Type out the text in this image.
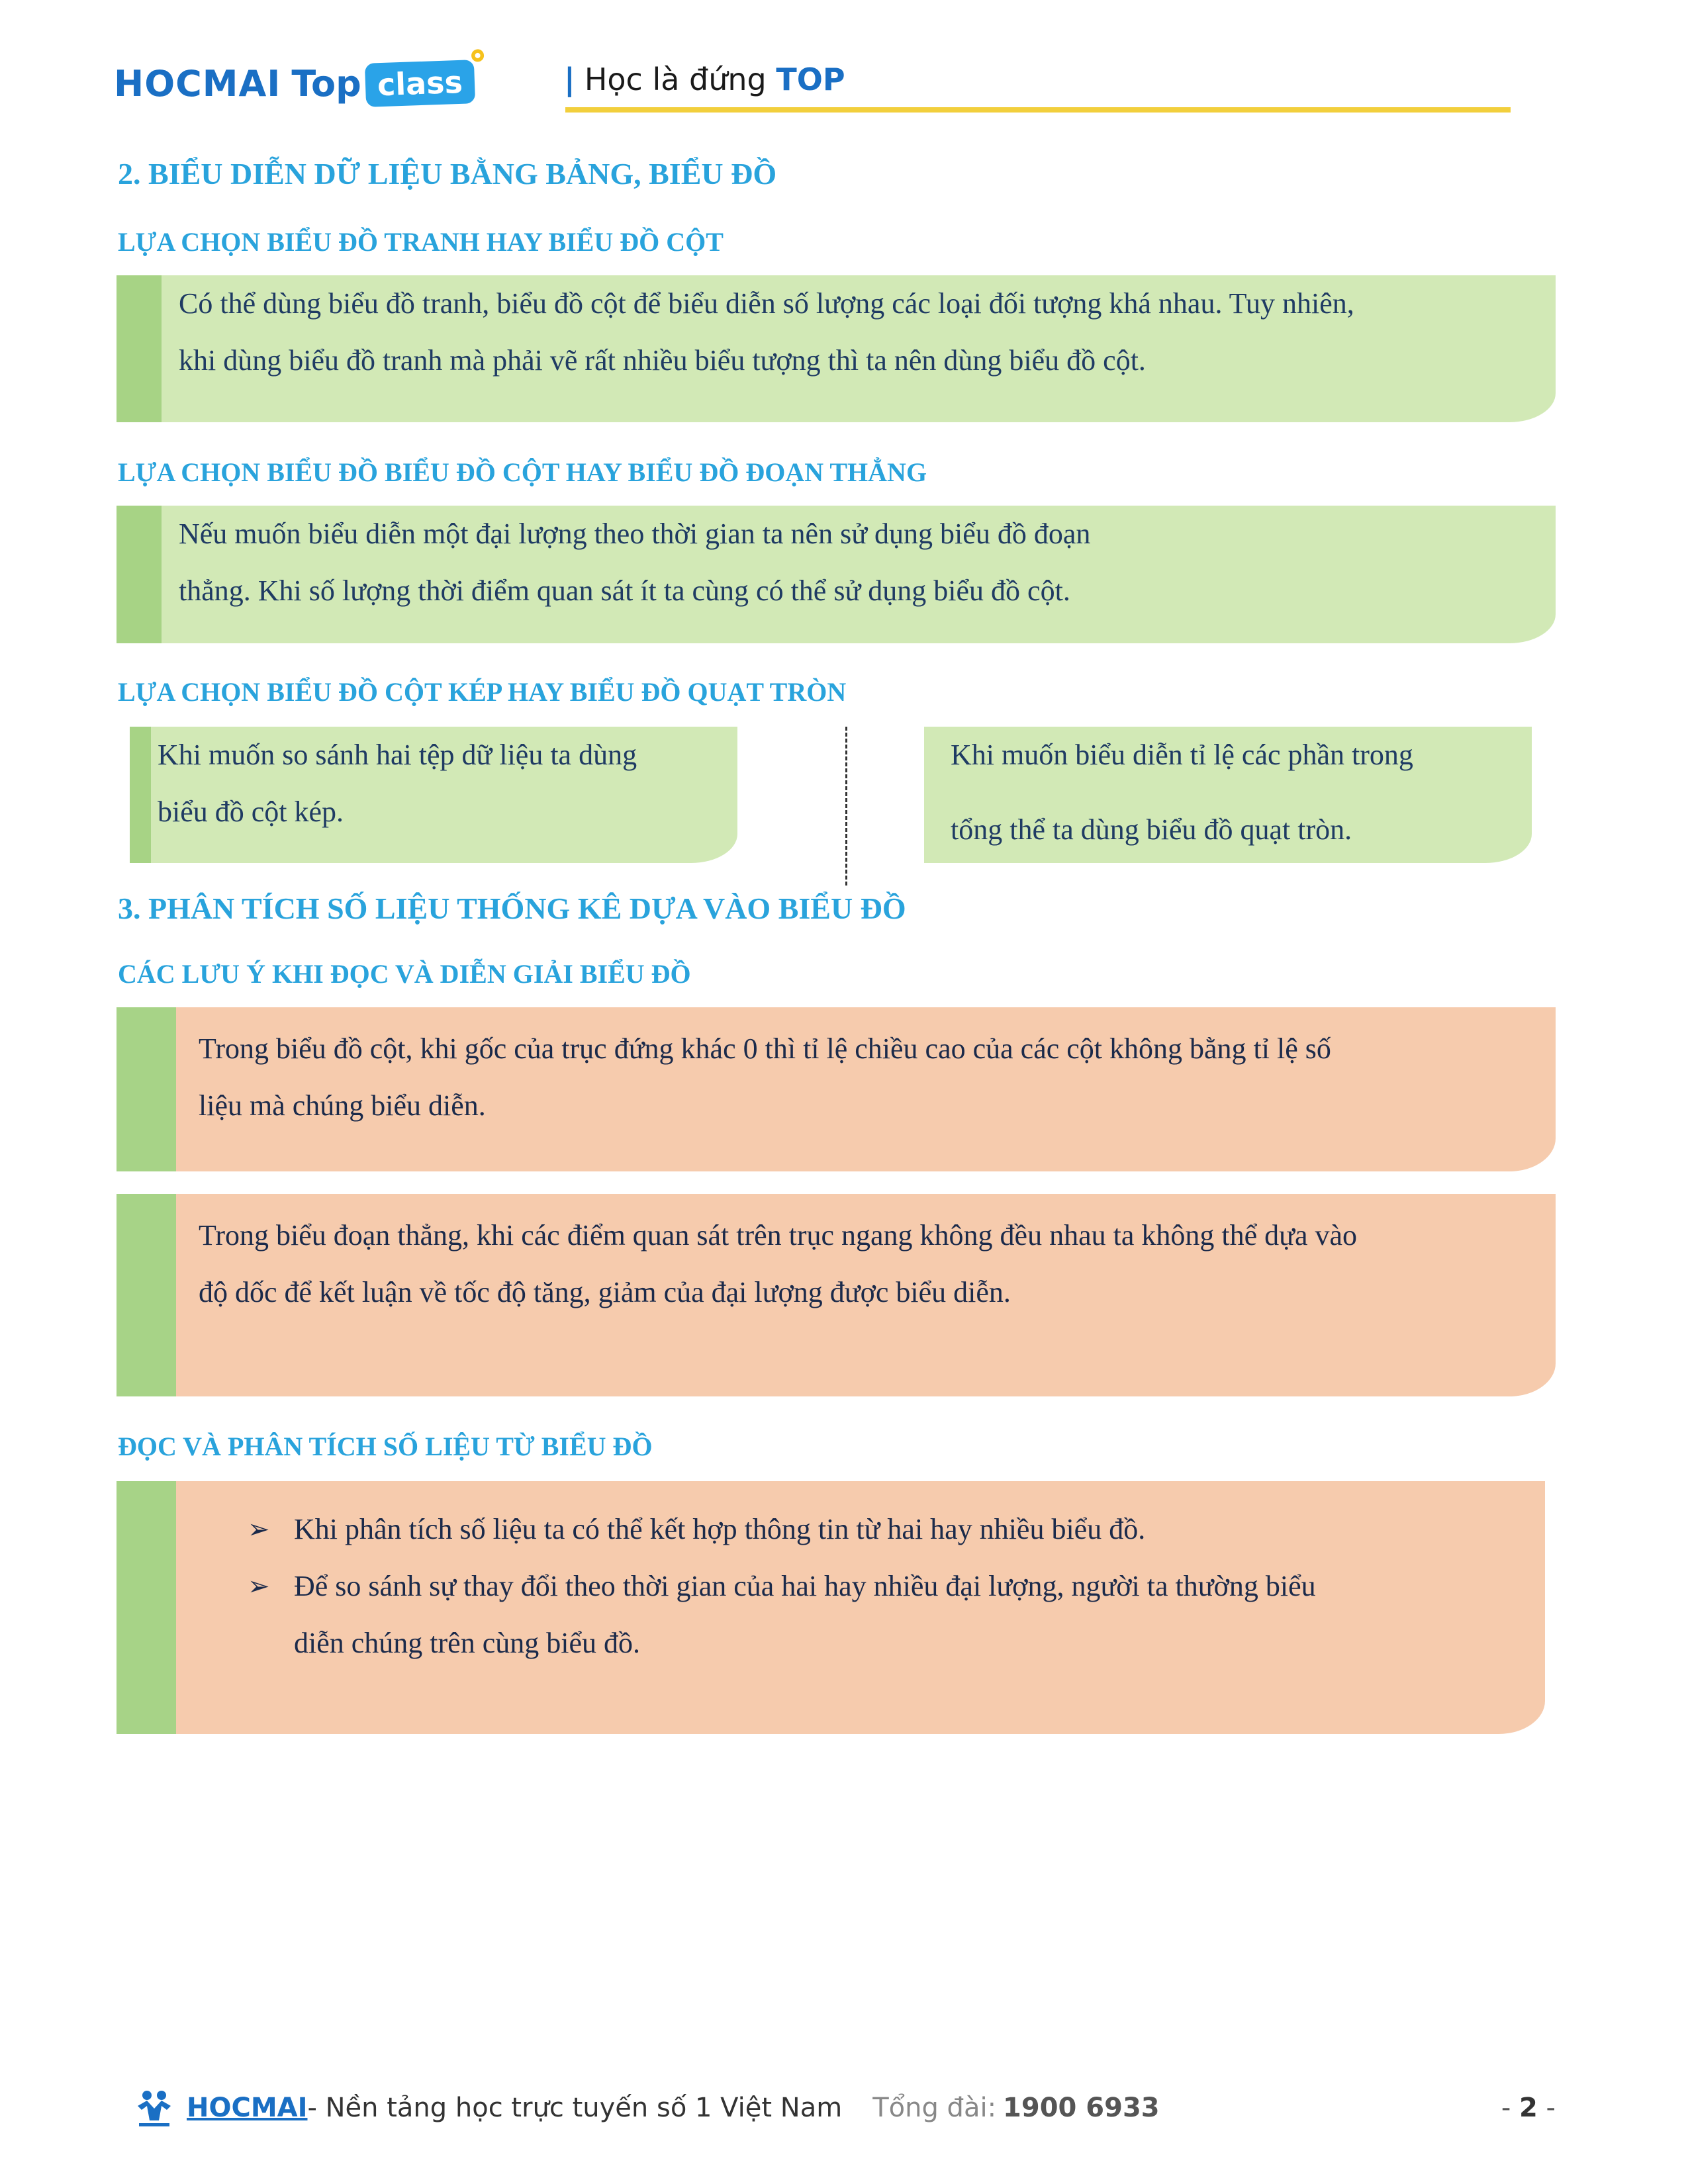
HOCMAI Top class	| Học là đứng TOP
2. BIỂU DIỄN DỮ LIỆU BẰNG BẢNG, BIỂU ĐỒ
LỰA CHỌN BIỂU ĐỒ TRANH HAY BIỂU ĐỒ CỘT
Có thể dùng biểu đồ tranh, biểu đồ cột để biểu diễn số lượng các loại đối tượng khá nhau. Tuy nhiên,
khi dùng biểu đồ tranh mà phải vẽ rất nhiều biểu tượng thì ta nên dùng biểu đồ cột.
LỰA CHỌN BIỂU ĐỒ BIỂU ĐỒ CỘT HAY BIỂU ĐỒ ĐOẠN THẲNG
Nếu muốn biểu diễn một đại lượng theo thời gian ta nên sử dụng biểu đồ đoạn
thẳng. Khi số lượng thời điểm quan sát ít ta cùng có thể sử dụng biểu đồ cột.
LỰA CHỌN BIỂU ĐỒ CỘT KÉP HAY BIỂU ĐỒ QUẠT TRÒN
Khi muốn so sánh hai tệp dữ liệu ta dùng
biểu đồ cột kép.
Khi muốn biểu diễn tỉ lệ các phần trong
tổng thể ta dùng biểu đồ quạt tròn.
3. PHÂN TÍCH SỐ LIỆU THỐNG KÊ DỰA VÀO BIỂU ĐỒ
CÁC LƯU Ý KHI ĐỌC VÀ DIỄN GIẢI BIỂU ĐỒ
Trong biểu đồ cột, khi gốc của trục đứng khác 0 thì tỉ lệ chiều cao của các cột không bằng tỉ lệ số
liệu mà chúng biểu diễn.
Trong biểu đoạn thẳng, khi các điểm quan sát trên trục ngang không đều nhau ta không thể dựa vào
độ dốc để kết luận về tốc độ tăng, giảm của đại lượng được biểu diễn.
ĐỌC VÀ PHÂN TÍCH SỐ LIỆU TỪ BIỂU ĐỒ
➢ Khi phân tích số liệu ta có thể kết hợp thông tin từ hai hay nhiều biểu đồ.
➢ Để so sánh sự thay đổi theo thời gian của hai hay nhiều đại lượng, người ta thường biểu
diễn chúng trên cùng biểu đồ.
HOCMAI - Nền tảng học trực tuyến số 1 Việt Nam Tổng đài: 1900 6933	- 2 -
